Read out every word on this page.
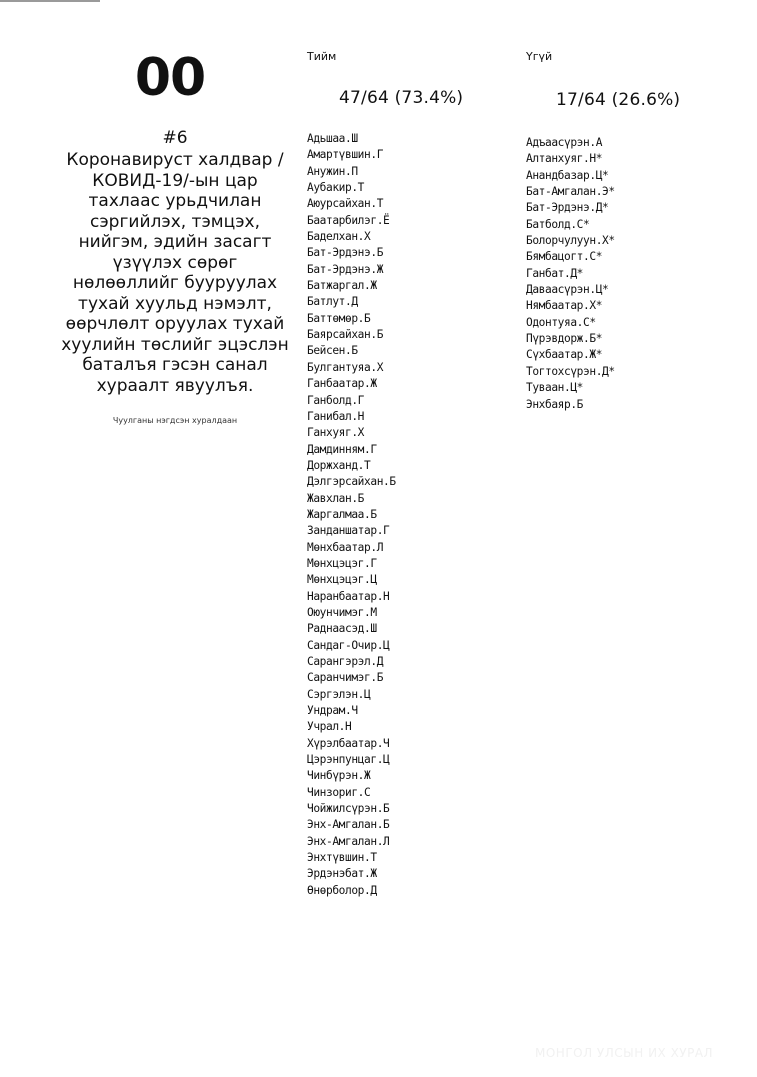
00
#6
Коронавируст халдвар /
КОВИД-19/-ын цар
тахлаас урьдчилан
сэргийлэх, тэмцэх,
нийгэм, эдийн засагт
үзүүлэх сөрөг
нөлөөллийг бууруулах
тухай хуульд нэмэлт,
өөрчлөлт оруулах тухай
хуулийн төслийг эцэслэн
баталъя гэсэн санал
хураалт явуулъя.
Чуулганы нэгдсэн хуралдаан
Тийм
47/64 (73.4%)
Адьшаа.Ш
Амартүвшин.Г
Анужин.П
Аубакир.Т
Аюурсайхан.Т
Баатарбилэг.Ё
Баделхан.Х
Бат-Эрдэнэ.Б
Бат-Эрдэнэ.Ж
Батжаргал.Ж
Батлут.Д
Баттөмөр.Б
Баярсайхан.Б
Бейсен.Б
Булгантуяа.Х
Ганбаатар.Ж
Ганболд.Г
Ганибал.Н
Ганхуяг.Х
Дамдинням.Г
Доржханд.Т
Дэлгэрсайхан.Б
Жавхлан.Б
Жаргалмаа.Б
Занданшатар.Г
Мөнхбаатар.Л
Мөнхцэцэг.Г
Мөнхцэцэг.Ц
Наранбаатар.Н
Оюунчимэг.М
Раднаасэд.Ш
Сандаг-Очир.Ц
Сарангэрэл.Д
Саранчимэг.Б
Сэргэлэн.Ц
Ундрам.Ч
Учрал.Н
Хүрэлбаатар.Ч
Цэрэнпунцаг.Ц
Чинбүрэн.Ж
Чинзориг.С
Чойжилсүрэн.Б
Энх-Амгалан.Б
Энх-Амгалан.Л
Энхтүвшин.Т
Эрдэнэбат.Ж
Өнөрболор.Д
Үгүй
17/64 (26.6%)
Адъаасүрэн.А
Алтанхуяг.Н*
Анандбазар.Ц*
Бат-Амгалан.Э*
Бат-Эрдэнэ.Д*
Батболд.С*
Болорчулуун.Х*
Бямбацогт.С*
Ганбат.Д*
Даваасүрэн.Ц*
Нямбаатар.Х*
Одонтуяа.С*
Пүрэвдорж.Б*
Сүхбаатар.Ж*
Тогтохсүрэн.Д*
Туваан.Ц*
Энхбаяр.Б
МОНГОЛ УЛСЫН ИХ ХУРАЛ
